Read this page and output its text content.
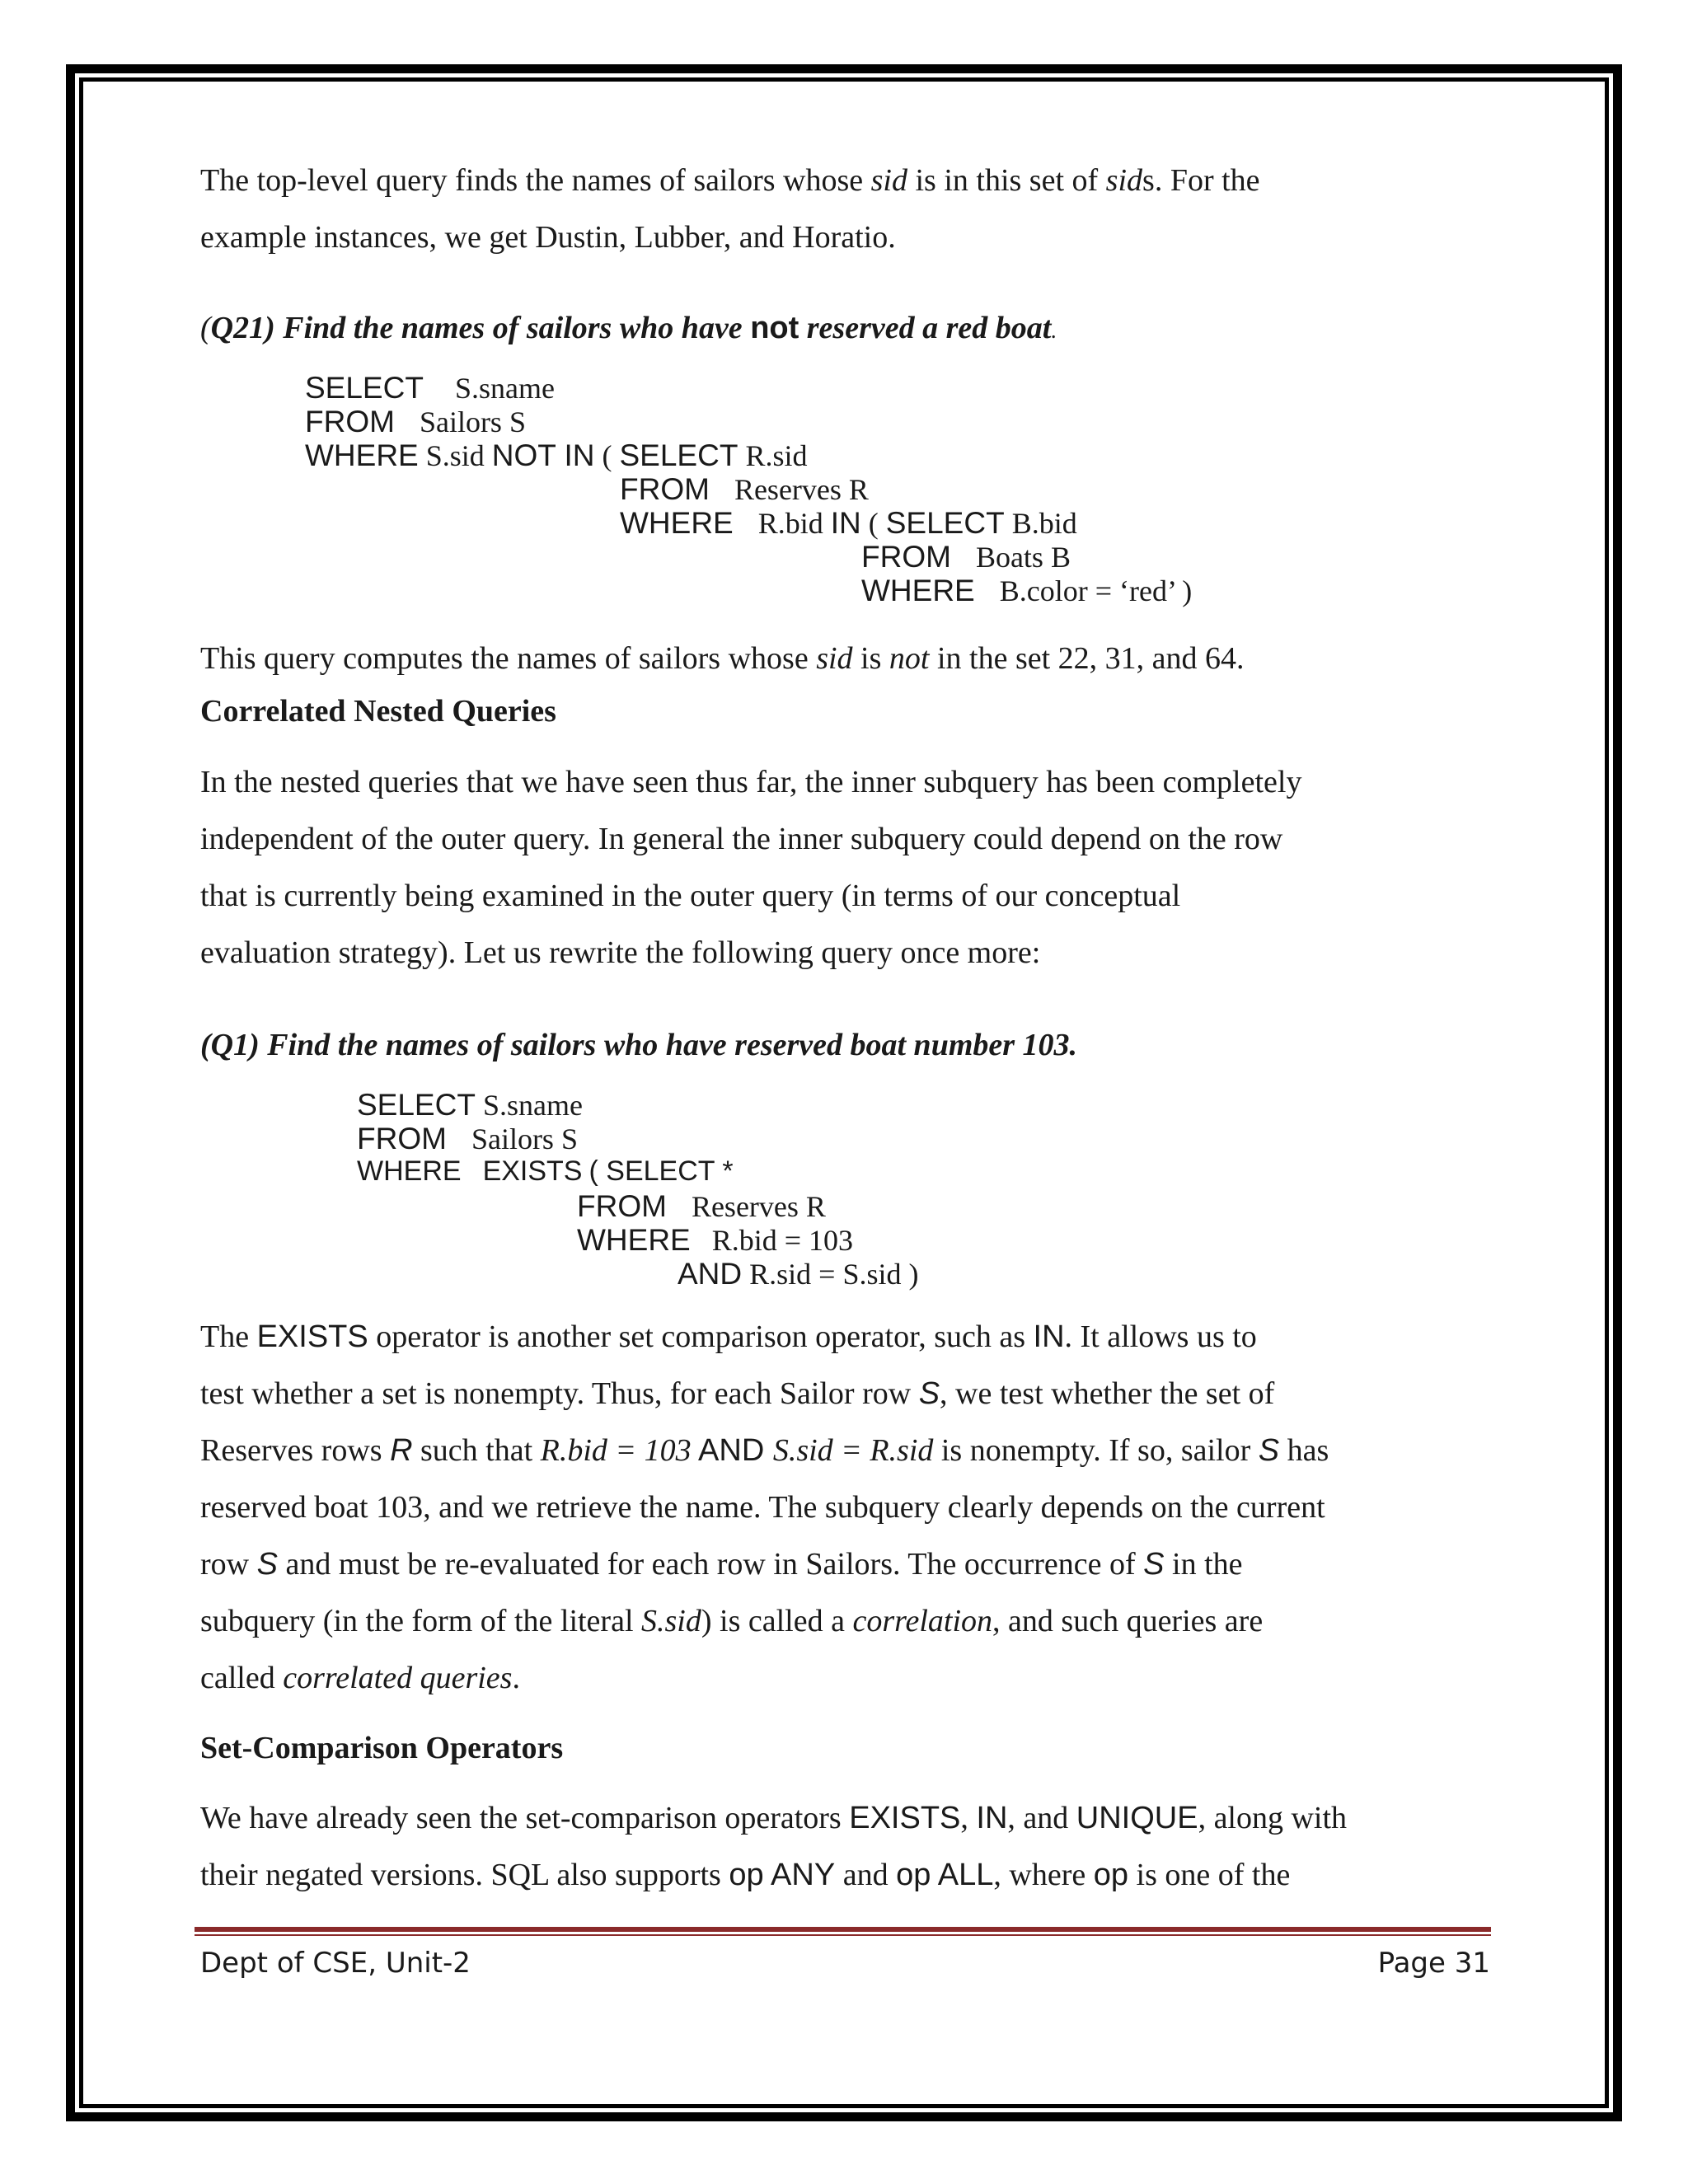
The top-level query finds the names of sailors whose sid is in this set of sids. For the

example instances, we get Dustin, Lubber, and Horatio.

(Q21) Find the names of sailors who have not reserved a red boat.

SELECT S.sname

FROM Sailors S

WHERE S.sid NOT IN ( SELECT R.sid

FROM Reserves R

WHERE R.bid IN ( SELECT B.bid

FROM Boats B

WHERE B.color = ‘red’ )

This query computes the names of sailors whose sid is not in the set 22, 31, and 64.

Correlated Nested Queries

In the nested queries that we have seen thus far, the inner subquery has been completely

independent of the outer query. In general the inner subquery could depend on the row

that is currently being examined in the outer query (in terms of our conceptual

evaluation strategy). Let us rewrite the following query once more:

(Q1) Find the names of sailors who have reserved boat number 103.

SELECT S.sname

FROM Sailors S

WHERE EXISTS ( SELECT *

FROM Reserves R

WHERE R.bid = 103

AND R.sid = S.sid )

The EXISTS operator is another set comparison operator, such as IN. It allows us to

test whether a set is nonempty. Thus, for each Sailor row S, we test whether the set of

Reserves rows R such that R.bid = 103 AND S.sid = R.sid is nonempty. If so, sailor S has

reserved boat 103, and we retrieve the name. The subquery clearly depends on the current

row S and must be re-evaluated for each row in Sailors. The occurrence of S in the

subquery (in the form of the literal S.sid) is called a correlation, and such queries are

called correlated queries.

Set-Comparison Operators

We have already seen the set-comparison operators EXISTS, IN, and UNIQUE, along with

their negated versions. SQL also supports op ANY and op ALL, where op is one of the

Dept of CSE, Unit-2	Page 31
